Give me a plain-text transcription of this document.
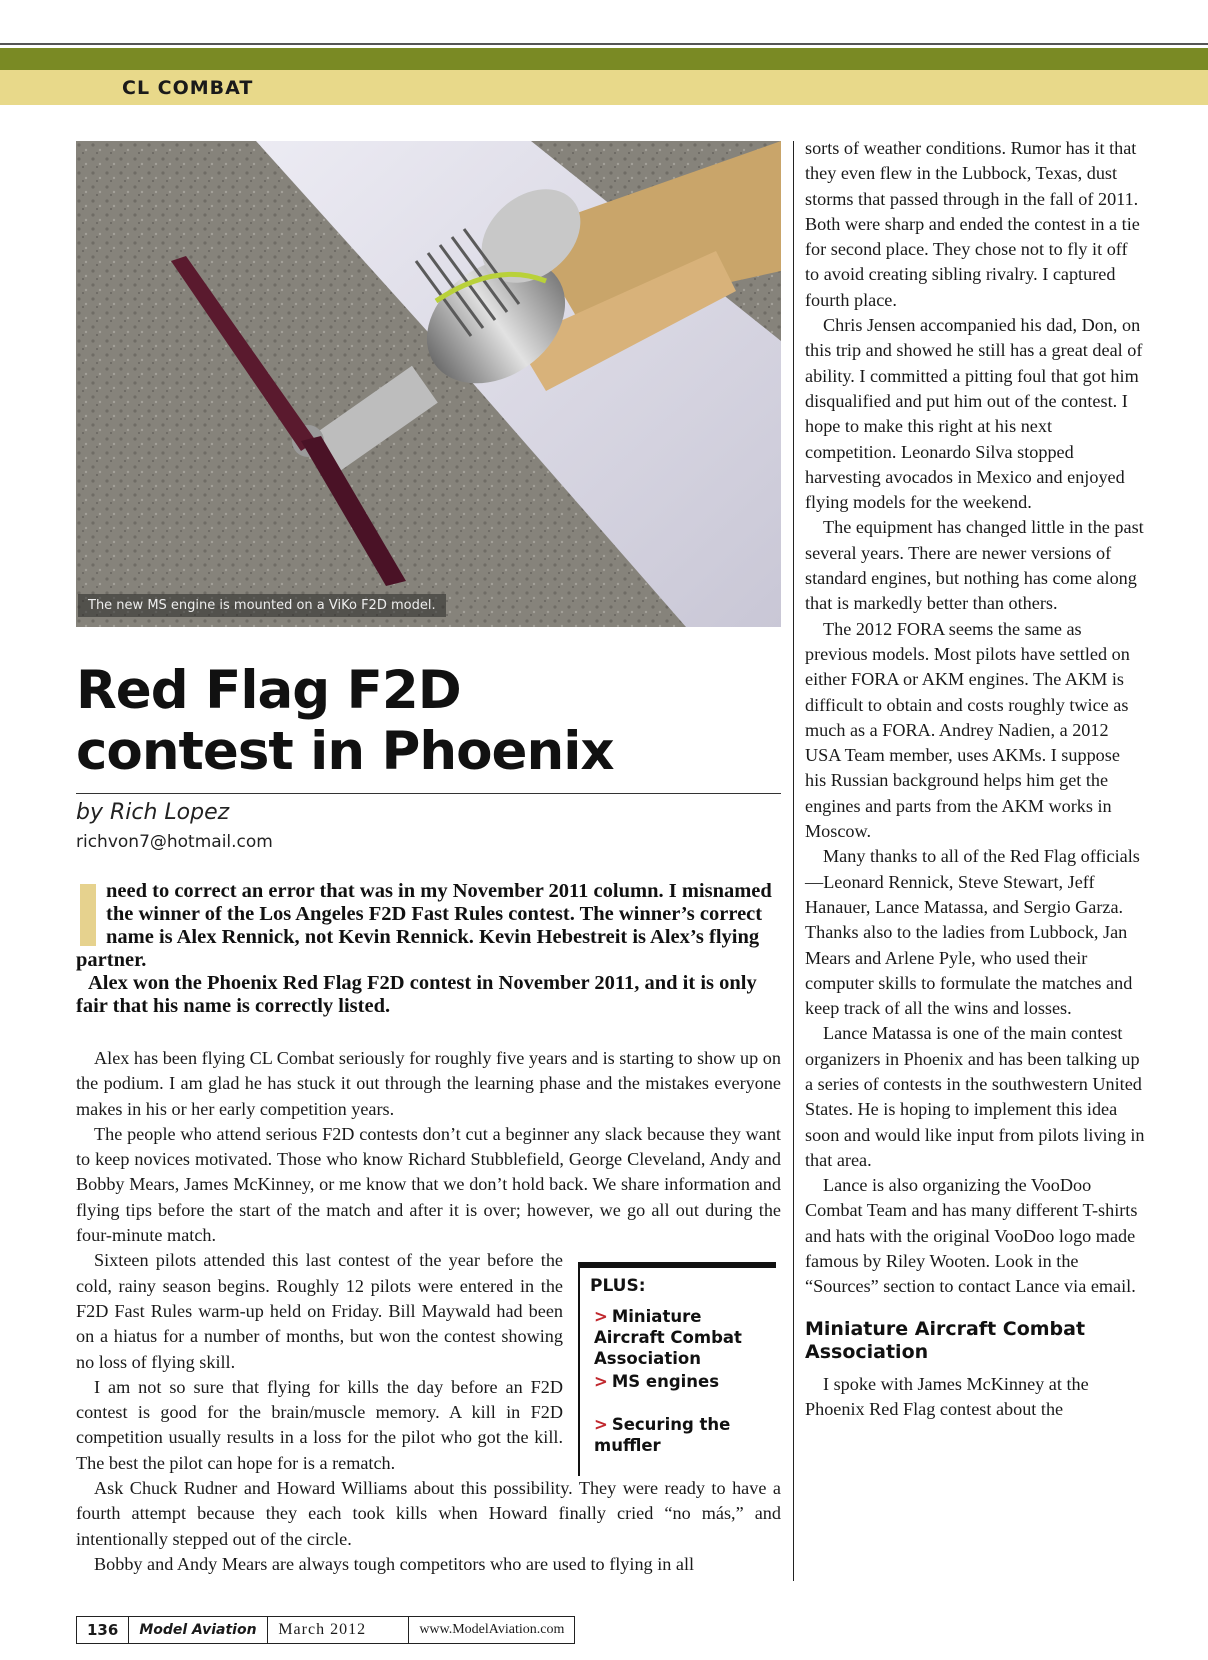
CL COMBAT
The new MS engine is mounted on a ViKo F2D model.
Red Flag F2D
contest in Phoenix
by Rich Lopez
richvon7@hotmail.com

need to correct an error that was in my November 2011 column. I misnamed the winner of the Los Angeles F2D Fast Rules contest. The winner’s correct name is Alex Rennick, not Kevin Rennick. Kevin Hebestreit is Alex’s flying partner.

Alex won the Phoenix Red Flag F2D contest in November 2011, and it is only fair that his name is correctly listed.

Alex has been flying CL Combat seriously for roughly five years and is starting to show up on the podium. I am glad he has stuck it out through the learning phase and the mistakes everyone makes in his or her early competition years.

The people who attend serious F2D contests don’t cut a beginner any slack because they want to keep novices motivated. Those who know Richard Stubblefield, George Cleveland, Andy and Bobby Mears, James McKinney, or me know that we don’t hold back. We share information and flying tips before the start of the match and after it is over; however, we go all out during the four-minute match.

Sixteen pilots attended this last contest of the year before the cold, rainy season begins. Roughly 12 pilots were entered in the F2D Fast Rules warm-up held on Friday. Bill Maywald had been on a hiatus for a number of months, but won the contest showing no loss of flying skill.

I am not so sure that flying for kills the day before an F2D contest is good for the brain/muscle memory. A kill in F2D competition usually results in a loss for the pilot who got the kill. The best the pilot can hope for is a rematch.

Ask Chuck Rudner and Howard Williams about this possibility. They were ready to have a fourth attempt because they each took kills when Howard finally cried “no más,” and intentionally stepped out of the circle.

Bobby and Andy Mears are always tough competitors who are used to flying in all

PLUS:
> Miniature Aircraft Combat Association
> MS engines
> Securing the muffler

sorts of weather conditions. Rumor has it that they even flew in the Lubbock, Texas, dust storms that passed through in the fall of 2011. Both were sharp and ended the contest in a tie for second place. They chose not to fly it off to avoid creating sibling rivalry. I captured fourth place.

Chris Jensen accompanied his dad, Don, on this trip and showed he still has a great deal of ability. I committed a pitting foul that got him disqualified and put him out of the contest. I hope to make this right at his next competition. Leonardo Silva stopped harvesting avocados in Mexico and enjoyed flying models for the weekend.

The equipment has changed little in the past several years. There are newer versions of standard engines, but nothing has come along that is markedly better than others.

The 2012 FORA seems the same as previous models. Most pilots have settled on either FORA or AKM engines. The AKM is difficult to obtain and costs roughly twice as much as a FORA. Andrey Nadien, a 2012 USA Team member, uses AKMs. I suppose his Russian background helps him get the engines and parts from the AKM works in Moscow.

Many thanks to all of the Red Flag officials—Leonard Rennick, Steve Stewart, Jeff Hanauer, Lance Matassa, and Sergio Garza. Thanks also to the ladies from Lubbock, Jan Mears and Arlene Pyle, who used their computer skills to formulate the matches and keep track of all the wins and losses.

Lance Matassa is one of the main contest organizers in Phoenix and has been talking up a series of contests in the southwestern United States. He is hoping to implement this idea soon and would like input from pilots living in that area.

Lance is also organizing the VooDoo Combat Team and has many different T-shirts and hats with the original VooDoo logo made famous by Riley Wooten. Look in the “Sources” section to contact Lance via email.

Miniature Aircraft Combat Association

I spoke with James McKinney at the Phoenix Red Flag contest about the

136	Model Aviation	March 2012	www.ModelAviation.com
